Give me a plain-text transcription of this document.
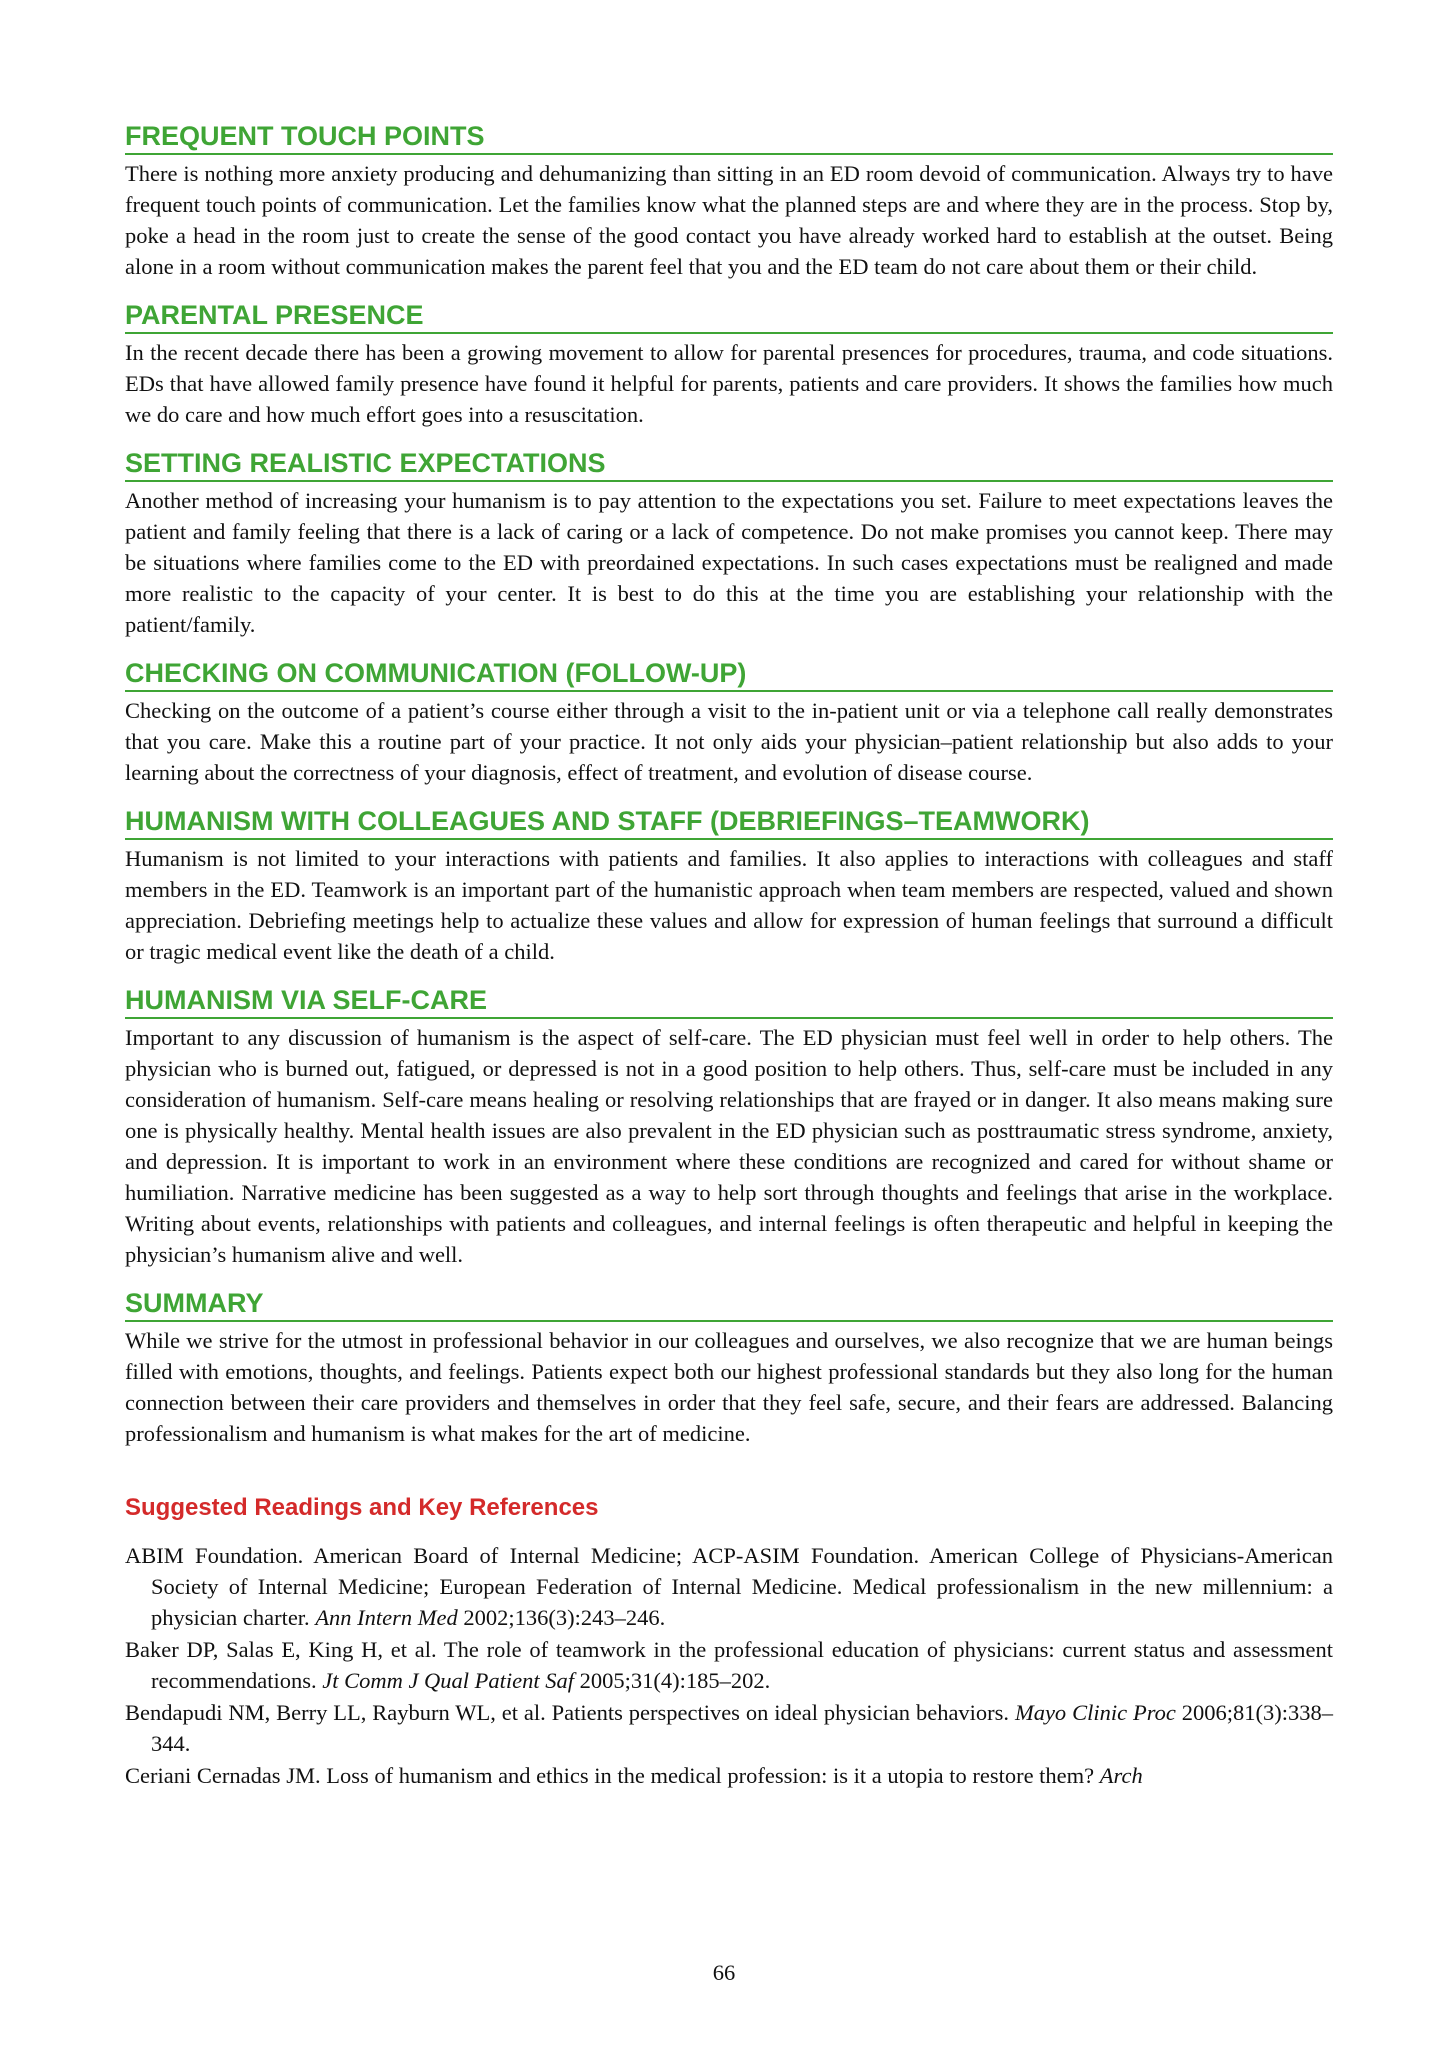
FREQUENT TOUCH POINTS

There is nothing more anxiety producing and dehumanizing than sitting in an ED room devoid of communication. Always try to have frequent touch points of communication. Let the families know what the planned steps are and where they are in the process. Stop by, poke a head in the room just to create the sense of the good contact you have already worked hard to establish at the outset. Being alone in a room without communication makes the parent feel that you and the ED team do not care about them or their child.

PARENTAL PRESENCE

In the recent decade there has been a growing movement to allow for parental presences for procedures, trauma, and code situations. EDs that have allowed family presence have found it helpful for parents, patients and care providers. It shows the families how much we do care and how much effort goes into a resuscitation.

SETTING REALISTIC EXPECTATIONS

Another method of increasing your humanism is to pay attention to the expectations you set. Failure to meet expectations leaves the patient and family feeling that there is a lack of caring or a lack of competence. Do not make promises you cannot keep. There may be situations where families come to the ED with preordained expectations. In such cases expectations must be realigned and made more realistic to the capacity of your center. It is best to do this at the time you are establishing your relationship with the patient/family.

CHECKING ON COMMUNICATION (FOLLOW-UP)

Checking on the outcome of a patient’s course either through a visit to the in-patient unit or via a telephone call really demonstrates that you care. Make this a routine part of your practice. It not only aids your physician–patient relationship but also adds to your learning about the correctness of your diagnosis, effect of treatment, and evolution of disease course.

HUMANISM WITH COLLEAGUES AND STAFF (DEBRIEFINGS–TEAMWORK)

Humanism is not limited to your interactions with patients and families. It also applies to interactions with colleagues and staff members in the ED. Teamwork is an important part of the humanistic approach when team members are respected, valued and shown appreciation. Debriefing meetings help to actualize these values and allow for expression of human feelings that surround a difficult or tragic medical event like the death of a child.

HUMANISM VIA SELF-CARE

Important to any discussion of humanism is the aspect of self-care. The ED physician must feel well in order to help others. The physician who is burned out, fatigued, or depressed is not in a good position to help others. Thus, self-care must be included in any consideration of humanism. Self-care means healing or resolving relationships that are frayed or in danger. It also means making sure one is physically healthy. Mental health issues are also prevalent in the ED physician such as posttraumatic stress syndrome, anxiety, and depression. It is important to work in an environment where these conditions are recognized and cared for without shame or humiliation. Narrative medicine has been suggested as a way to help sort through thoughts and feelings that arise in the workplace. Writing about events, relationships with patients and colleagues, and internal feelings is often therapeutic and helpful in keeping the physician’s humanism alive and well.

SUMMARY

While we strive for the utmost in professional behavior in our colleagues and ourselves, we also recognize that we are human beings filled with emotions, thoughts, and feelings. Patients expect both our highest professional standards but they also long for the human connection between their care providers and themselves in order that they feel safe, secure, and their fears are addressed. Balancing professionalism and humanism is what makes for the art of medicine.

Suggested Readings and Key References

ABIM Foundation. American Board of Internal Medicine; ACP-ASIM Foundation. American College of Physicians-American Society of Internal Medicine; European Federation of Internal Medicine. Medical professionalism in the new millennium: a physician charter. Ann Intern Med 2002;136(3):243–246.

Baker DP, Salas E, King H, et al. The role of teamwork in the professional education of physicians: current status and assessment recommendations. Jt Comm J Qual Patient Saf 2005;31(4):185–202.

Bendapudi NM, Berry LL, Rayburn WL, et al. Patients perspectives on ideal physician behaviors. Mayo Clinic Proc 2006;81(3):338–344.

Ceriani Cernadas JM. Loss of humanism and ethics in the medical profession: is it a utopia to restore them? Arch

66
